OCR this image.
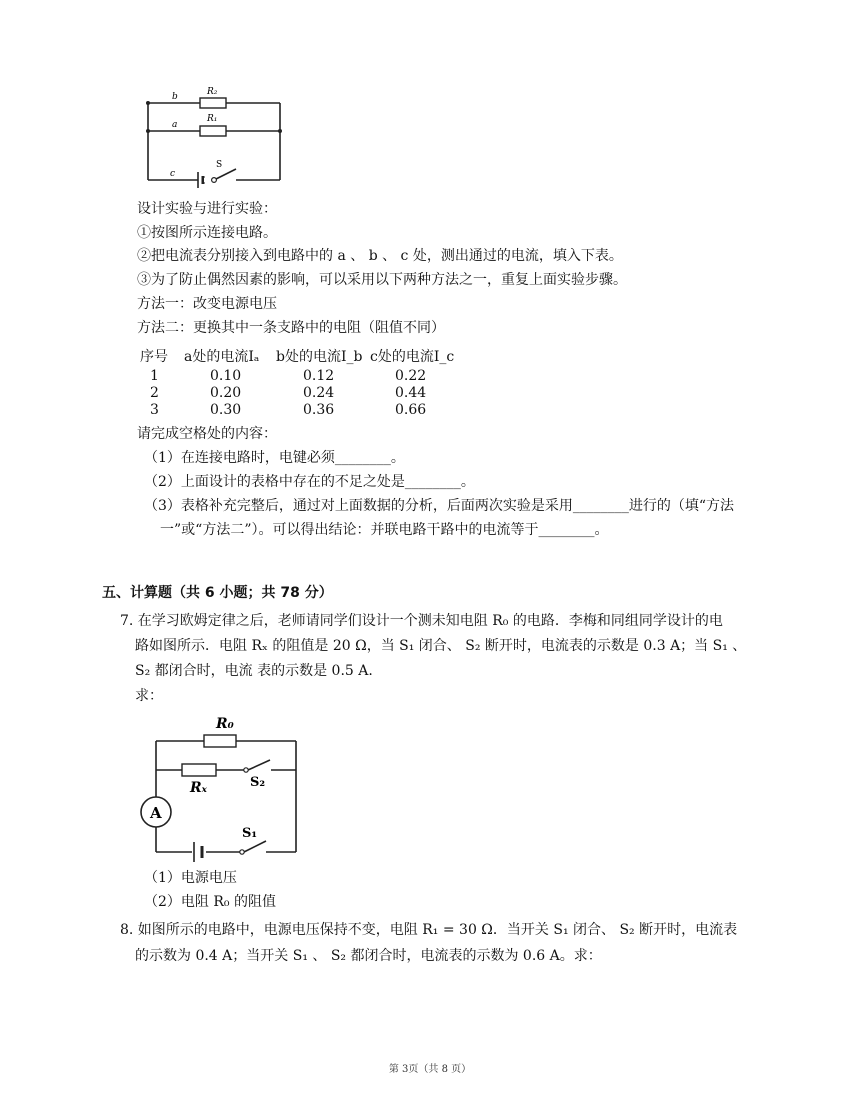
b	R₂
a
R₁
c
S
设计实验与进行实验：
①按图所示连接电路。
②把电流表分别接入到电路中的 a 、 b 、 c 处，测出通过的电流，填入下表。
③为了防止偶然因素的影响，可以采用以下两种方法之一，重复上面实验步骤。
方法一：改变电源电压
方法二：更换其中一条支路中的电阻（阻值不同）
序号 a处的电流Iₐ b处的电流I_b c处的电流I_c
1	0.10	0.12	0.22
2	0.20	0.24	0.44
3	0.30	0.36	0.66
请完成空格处的内容：
（1）在连接电路时，电键必须________。
（2）上面设计的表格中存在的不足之处是________。
（3）表格补充完整后，通过对上面数据的分析，后面两次实验是采用________进行的（填“方法
一”或“方法二”）。可以得出结论：并联电路干路中的电流等于________。
五、计算题（共 6 小题；共 78 分）
7. 在学习欧姆定律之后，老师请同学们设计一个测未知电阻 R₀ 的电路．李梅和同组同学设计的电
路如图所示．电阻 Rₓ 的阻值是 20 Ω，当 S₁ 闭合、 S₂ 断开时，电流表的示数是 0.3 A；当 S₁ 、
S₂ 都闭合时，电流 表的示数是 0.5 A.
求：
A
R₀
Rₓ	S₂
S₁
（1）电源电压
（2）电阻 R₀ 的阻值
8. 如图所示的电路中，电源电压保持不变，电阻 R₁ = 30 Ω．当开关 S₁ 闭合、 S₂ 断开时，电流表
的示数为 0.4 A；当开关 S₁ 、 S₂ 都闭合时，电流表的示数为 0.6 A。求：
第 3页（共 8 页）
